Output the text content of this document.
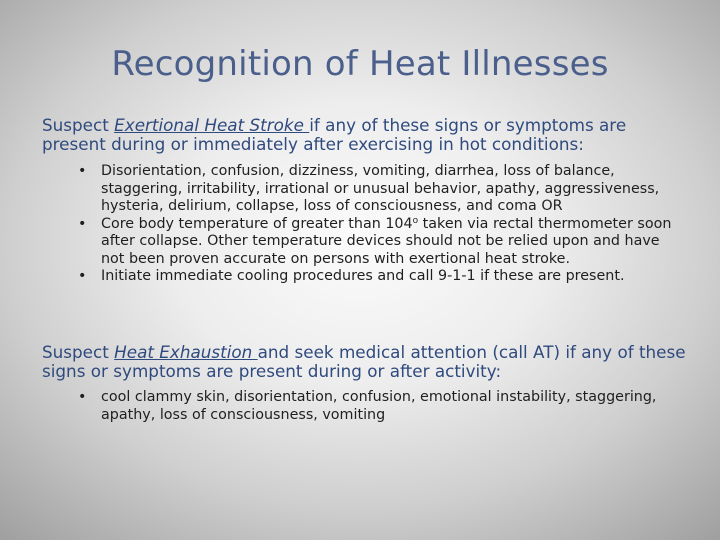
Recognition of Heat Illnesses

Suspect Exertional Heat Stroke if any of these signs or symptoms are present during or immediately after exercising in hot conditions:

• Disorientation, confusion, dizziness, vomiting, diarrhea, loss of balance, staggering, irritability, irrational or unusual behavior, apathy, aggressiveness, hysteria, delirium, collapse, loss of consciousness, and coma OR
• Core body temperature of greater than 104$^o$ taken via rectal thermometer soon after collapse. Other temperature devices should not be relied upon and have not been proven accurate on persons with exertional heat stroke.
• Initiate immediate cooling procedures and call 9-1-1 if these are present.

Suspect Heat Exhaustion and seek medical attention (call AT) if any of these signs or symptoms are present during or after activity:

• cool clammy skin, disorientation, confusion, emotional instability, staggering, apathy, loss of consciousness, vomiting
